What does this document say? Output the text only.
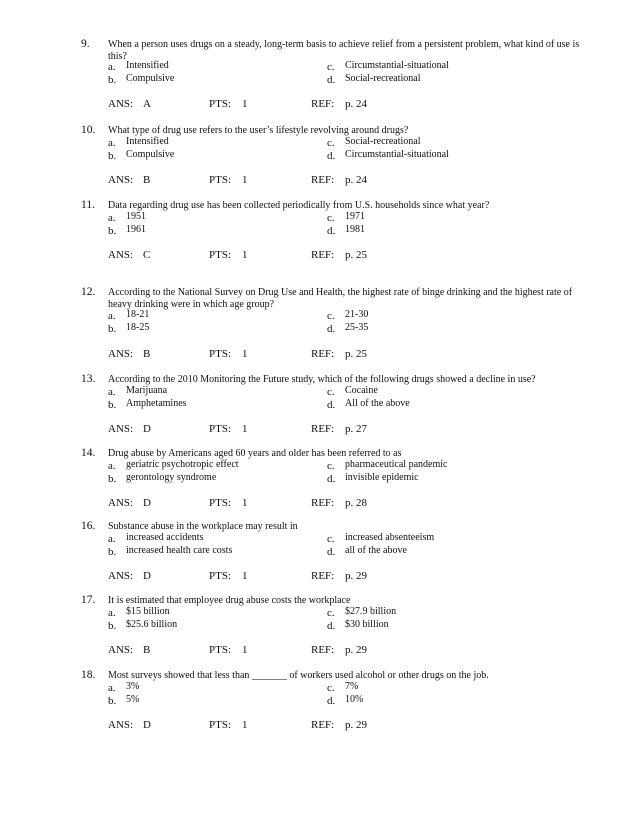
9. When a person uses drugs on a steady, long-term basis to achieve relief from a persistent problem, what kind of use is this?
a. Intensified
b. Compulsive
c. Circumstantial-situational
d. Social-recreational
ANS: A	PTS: 1	REF: p. 24
10. What type of drug use refers to the user’s lifestyle revolving around drugs?
a. Intensified
b. Compulsive
c. Social-recreational
d. Circumstantial-situational
ANS: B	PTS: 1	REF: p. 24
11. Data regarding drug use has been collected periodically from U.S. households since what year?
a. 1951
b. 1961
c. 1971
d. 1981
ANS: C	PTS: 1	REF: p. 25
12. According to the National Survey on Drug Use and Health, the highest rate of binge drinking and the highest rate of heavy drinking were in which age group?
a. 18-21
b. 18-25
c. 21-30
d. 25-35
ANS: B	PTS: 1	REF: p. 25
13. According to the 2010 Monitoring the Future study, which of the following drugs showed a decline in use?
a. Marijuana
b. Amphetamines
c. Cocaine
d. All of the above
ANS: D	PTS: 1	REF: p. 27
14. Drug abuse by Americans aged 60 years and older has been referred to as
a. geriatric psychotropic effect
b. gerontology syndrome
c. pharmaceutical pandemic
d. invisible epidemic
ANS: D	PTS: 1	REF: p. 28
16. Substance abuse in the workplace may result in
a. increased accidents
b. increased health care costs
c. increased absenteeism
d. all of the above
ANS: D	PTS: 1	REF: p. 29
17. It is estimated that employee drug abuse costs the workplace
a. $15 billion
b. $25.6 billion
c. $27.9 billion
d. $30 billion
ANS: B	PTS: 1	REF: p. 29
18. Most surveys showed that less than _______ of workers used alcohol or other drugs on the job.
a. 3%
b. 5%
c. 7%
d. 10%
ANS: D	PTS: 1	REF: p. 29
